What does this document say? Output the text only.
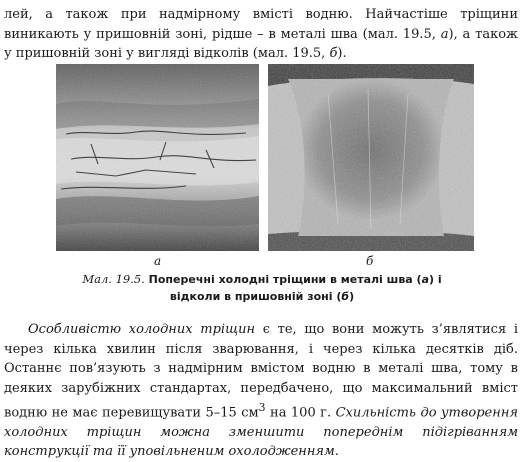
лей, а також при надмірному вмісті водню. Найчастіше тріщини виникають у пришовній зоні, рідше – в металі шва (мал. 19.5, а), а також у пришовній зоні у вигляді відколів (мал. 19.5, б).

а	б

Мал. 19.5. Поперечні холодні тріщини в металі шва (а) і відколи в пришовній зоні (б)

Особливістю холодних тріщин є те, що вони можуть з’являтися і через кілька хвилин після зварювання, і через кілька десятків діб. Останнє пов’язують з надмірним вмістом водню в металі шва, тому в деяких зарубіжних стандартах, передбачено, що максимальний вміст водню не має перевищувати 5–15 $см^3$ на 100 г. Схильність до утворення холодних тріщин можна зменшити попереднім підігріванням конструкції та її уповільненим охолодженням.
